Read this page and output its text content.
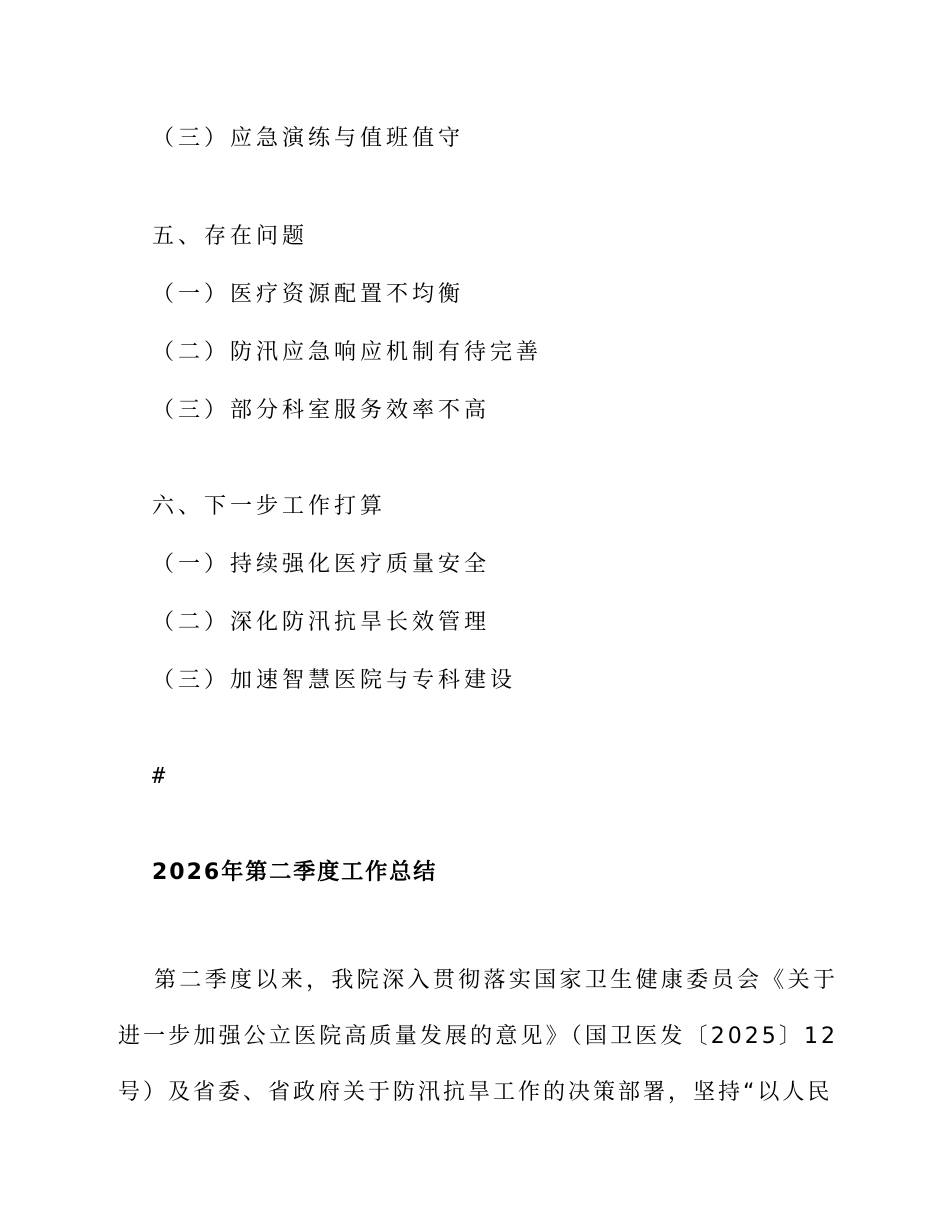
（三）应急演练与值班值守
五、存在问题
（一）医疗资源配置不均衡
（二）防汛应急响应机制有待完善
（三）部分科室服务效率不高
六、下一步工作打算
（一）持续强化医疗质量安全
（二）深化防汛抗旱长效管理
（三）加速智慧医院与专科建设
#
2026年第二季度工作总结

第二季度以来，我院深入贯彻落实国家卫生健康委员会《关于进一步加强公立医院高质量发展的意见》（国卫医发〔2025〕12号）及省委、省政府关于防汛抗旱工作的决策部署，坚持“以人民
